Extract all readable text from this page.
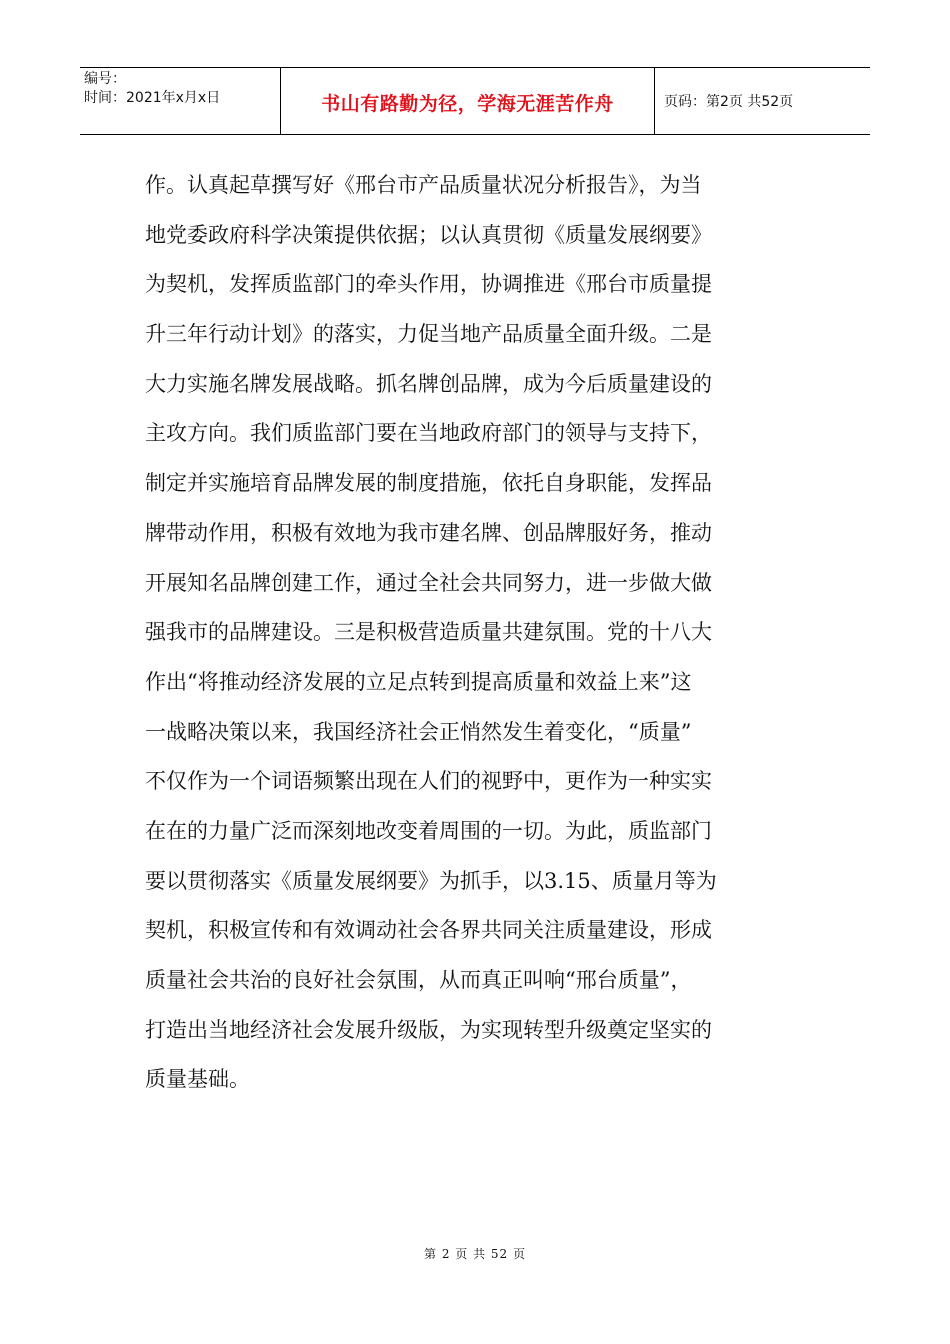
编号：
时间：2021年x月x日	书山有路勤为径，学海无涯苦作舟	页码：第2页 共52页
作。认真起草撰写好《邢台市产品质量状况分析报告》，为当
地党委政府科学决策提供依据；以认真贯彻《质量发展纲要》
为契机，发挥质监部门的牵头作用，协调推进《邢台市质量提
升三年行动计划》的落实，力促当地产品质量全面升级。二是
大力实施名牌发展战略。抓名牌创品牌，成为今后质量建设的
主攻方向。我们质监部门要在当地政府部门的领导与支持下，
制定并实施培育品牌发展的制度措施，依托自身职能，发挥品
牌带动作用，积极有效地为我市建名牌、创品牌服好务，推动
开展知名品牌创建工作，通过全社会共同努力，进一步做大做
强我市的品牌建设。三是积极营造质量共建氛围。党的十八大
作出“将推动经济发展的立足点转到提高质量和效益上来”这
一战略决策以来，我国经济社会正悄然发生着变化，“质量”
不仅作为一个词语频繁出现在人们的视野中，更作为一种实实
在在的力量广泛而深刻地改变着周围的一切。为此，质监部门
要以贯彻落实《质量发展纲要》为抓手，以3.15、质量月等为
契机，积极宣传和有效调动社会各界共同关注质量建设，形成
质量社会共治的良好社会氛围，从而真正叫响“邢台质量”，
打造出当地经济社会发展升级版，为实现转型升级奠定坚实的
质量基础。
第 2 页 共 52 页
